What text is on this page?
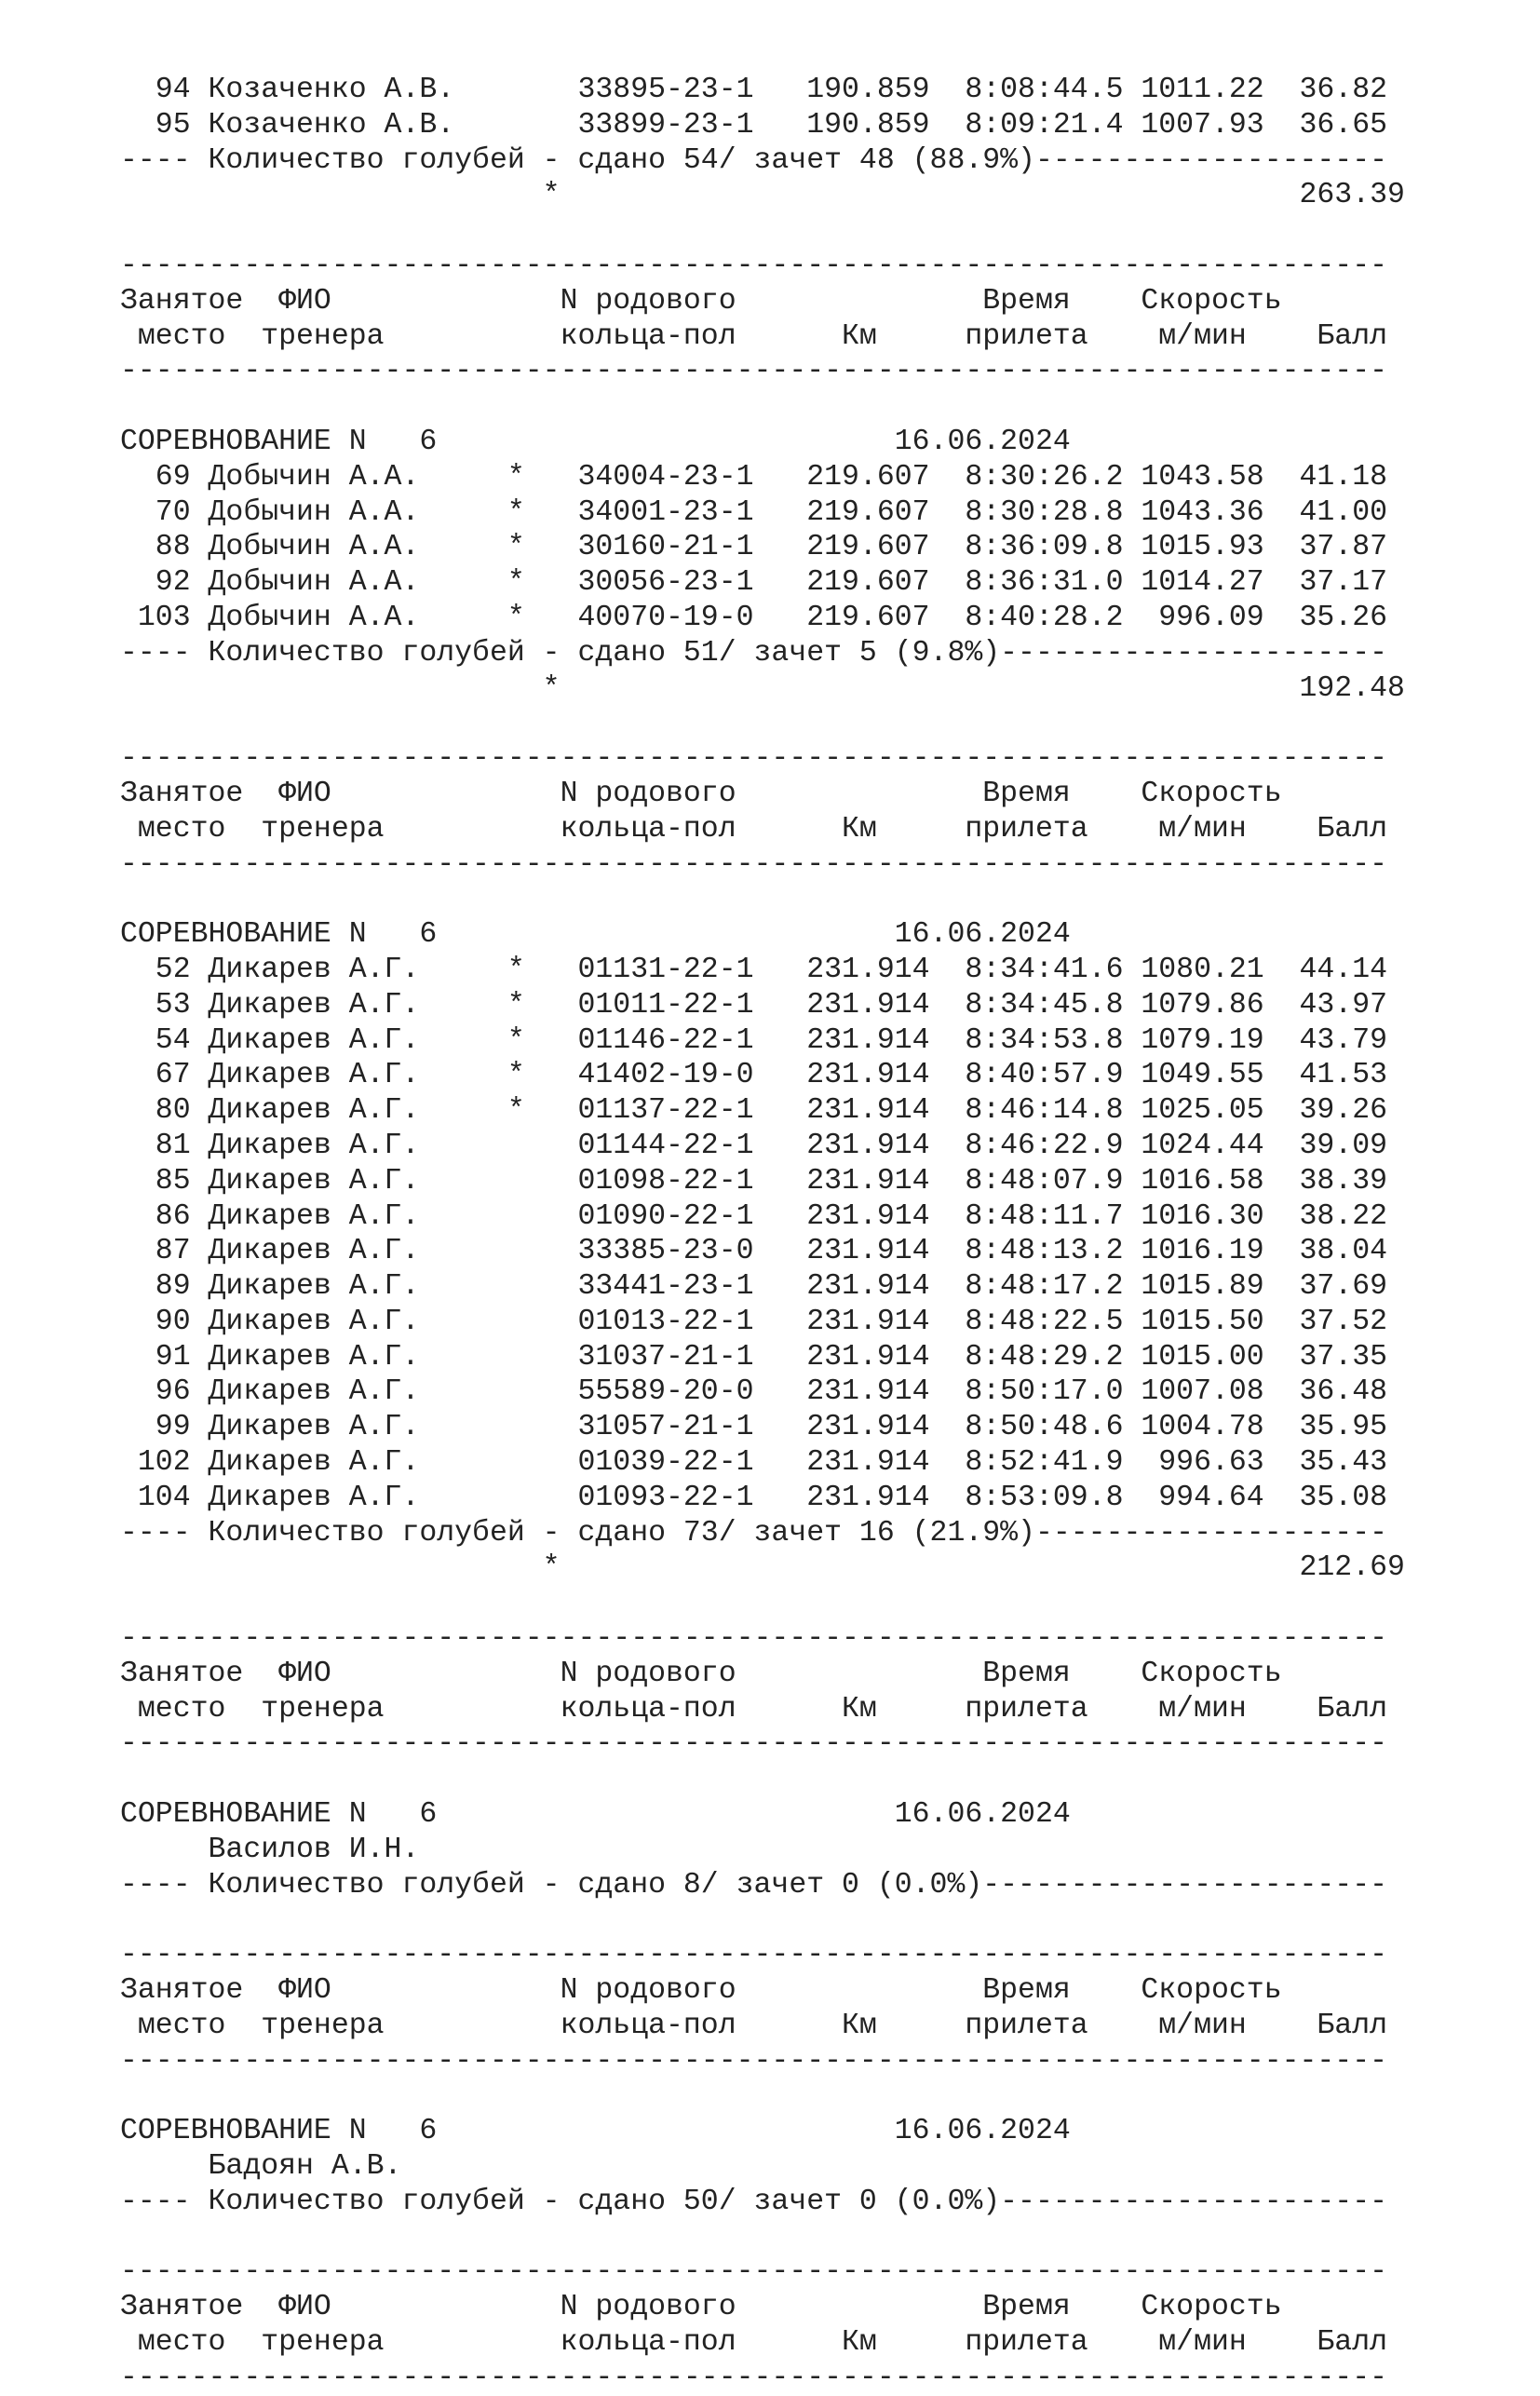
94 Козаченко А.В.       33895-23-1   190.859  8:08:44.5 1011.22  36.82
95 Козаченко А.В.       33899-23-1   190.859  8:09:21.4 1007.93  36.65
---- Количество голубей - сдано 54/ зачет 48 (88.9%)--------------------
*                                          263.39
------------------------------------------------------------------------
Занятое  ФИО             N родового              Время    Скорость
место  тренера          кольца-пол      Км     прилета    м/мин    Балл
------------------------------------------------------------------------
СОРЕВНОВАНИЕ N   6                          16.06.2024
69 Добычин А.А.     *   34004-23-1   219.607  8:30:26.2 1043.58  41.18
70 Добычин А.А.     *   34001-23-1   219.607  8:30:28.8 1043.36  41.00
88 Добычин А.А.     *   30160-21-1   219.607  8:36:09.8 1015.93  37.87
92 Добычин А.А.     *   30056-23-1   219.607  8:36:31.0 1014.27  37.17
103 Добычин А.А.     *   40070-19-0   219.607  8:40:28.2  996.09  35.26
---- Количество голубей - сдано 51/ зачет 5 (9.8%)----------------------
*                                          192.48
------------------------------------------------------------------------
Занятое  ФИО             N родового              Время    Скорость
место  тренера          кольца-пол      Км     прилета    м/мин    Балл
------------------------------------------------------------------------
СОРЕВНОВАНИЕ N   6                          16.06.2024
52 Дикарев А.Г.     *   01131-22-1   231.914  8:34:41.6 1080.21  44.14
53 Дикарев А.Г.     *   01011-22-1   231.914  8:34:45.8 1079.86  43.97
54 Дикарев А.Г.     *   01146-22-1   231.914  8:34:53.8 1079.19  43.79
67 Дикарев А.Г.     *   41402-19-0   231.914  8:40:57.9 1049.55  41.53
80 Дикарев А.Г.     *   01137-22-1   231.914  8:46:14.8 1025.05  39.26
81 Дикарев А.Г.         01144-22-1   231.914  8:46:22.9 1024.44  39.09
85 Дикарев А.Г.         01098-22-1   231.914  8:48:07.9 1016.58  38.39
86 Дикарев А.Г.         01090-22-1   231.914  8:48:11.7 1016.30  38.22
87 Дикарев А.Г.         33385-23-0   231.914  8:48:13.2 1016.19  38.04
89 Дикарев А.Г.         33441-23-1   231.914  8:48:17.2 1015.89  37.69
90 Дикарев А.Г.         01013-22-1   231.914  8:48:22.5 1015.50  37.52
91 Дикарев А.Г.         31037-21-1   231.914  8:48:29.2 1015.00  37.35
96 Дикарев А.Г.         55589-20-0   231.914  8:50:17.0 1007.08  36.48
99 Дикарев А.Г.         31057-21-1   231.914  8:50:48.6 1004.78  35.95
102 Дикарев А.Г.         01039-22-1   231.914  8:52:41.9  996.63  35.43
104 Дикарев А.Г.         01093-22-1   231.914  8:53:09.8  994.64  35.08
---- Количество голубей - сдано 73/ зачет 16 (21.9%)--------------------
*                                          212.69
------------------------------------------------------------------------
Занятое  ФИО             N родового              Время    Скорость
место  тренера          кольца-пол      Км     прилета    м/мин    Балл
------------------------------------------------------------------------
СОРЕВНОВАНИЕ N   6                          16.06.2024
Василов И.Н.
---- Количество голубей - сдано 8/ зачет 0 (0.0%)-----------------------
------------------------------------------------------------------------
Занятое  ФИО             N родового              Время    Скорость
место  тренера          кольца-пол      Км     прилета    м/мин    Балл
------------------------------------------------------------------------
СОРЕВНОВАНИЕ N   6                          16.06.2024
Бадоян А.В.
---- Количество голубей - сдано 50/ зачет 0 (0.0%)----------------------
------------------------------------------------------------------------
Занятое  ФИО             N родового              Время    Скорость
место  тренера          кольца-пол      Км     прилета    м/мин    Балл
------------------------------------------------------------------------
